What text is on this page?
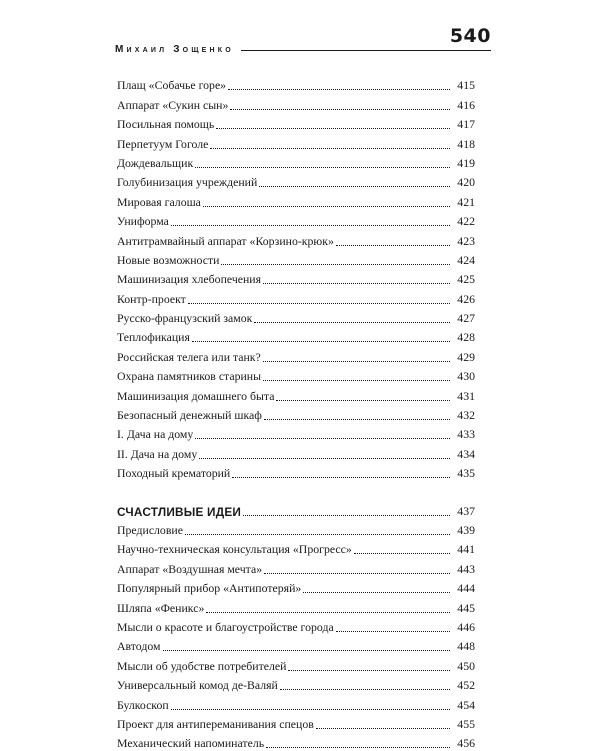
540
Михаил Зощенко
Плащ «Собачье горе»	415
Аппарат «Сукин сын»	416
Посильная помощь	417
Перпетуум Гоголе	418
Дождевальщик	419
Голубинизация учреждений	420
Мировая галоша	421
Униформа	422
Антитрамвайный аппарат «Корзино-крюк»	423
Новые возможности	424
Машинизация хлебопечения	425
Контр-проект	426
Русско-французский замок	427
Теплофикация	428
Российская телега или танк?	429
Охрана памятников старины	430
Машинизация домашнего быта	431
Безопасный денежный шкаф	432
I. Дача на дому	433
II. Дача на дому	434
Походный крематорий	435
СЧАСТЛИВЫЕ ИДЕИ	437
Предисловие	439
Научно-техническая консультация «Прогресс»	441
Аппарат «Воздушная мечта»	443
Популярный прибор «Антипотеряй»	444
Шляпа «Феникс»	445
Мысли о красоте и благоустройстве города	446
Автодом	448
Мысли об удобстве потребителей	450
Универсальный комод де-Валяй	452
Булкоскоп	454
Проект для антипереманивания спецов	455
Механический напоминатель	456
